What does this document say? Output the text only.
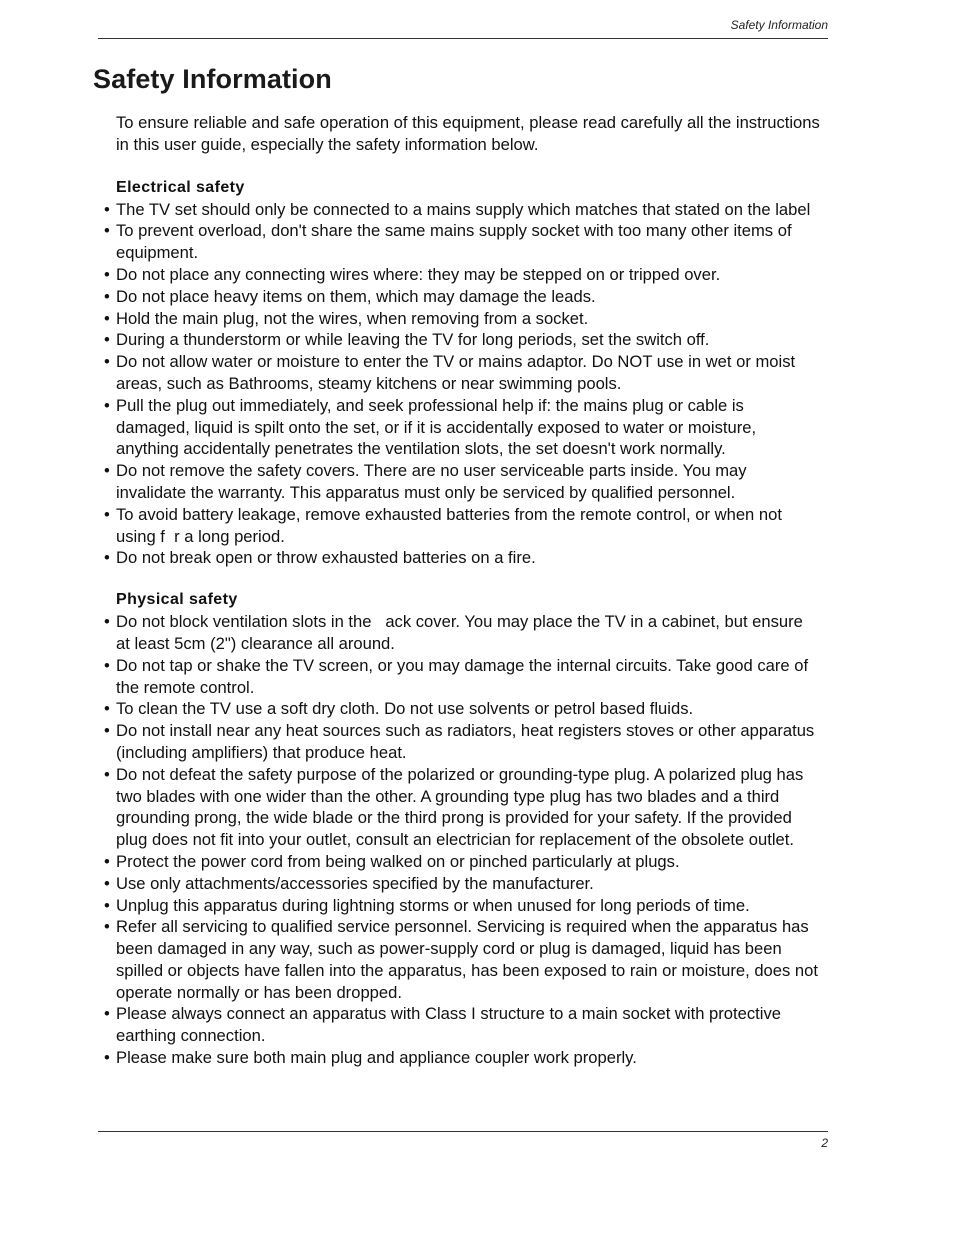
Safety Information
Safety Information

To ensure reliable and safe operation of this equipment, please read carefully all the instructions in this user guide, especially the safety information below.

Electrical safety
• The TV set should only be connected to a mains supply which matches that stated on the label
• To prevent overload, don't share the same mains supply socket with too many other items of equipment.
• Do not place any connecting wires where: they may be stepped on or tripped over.
• Do not place heavy items on them, which may damage the leads.
• Hold the main plug, not the wires, when removing from a socket.
• During a thunderstorm or while leaving the TV for long periods, set the switch off.
• Do not allow water or moisture to enter the TV or mains adaptor. Do NOT use in wet or moist areas, such as Bathrooms, steamy kitchens or near swimming pools.
• Pull the plug out immediately, and seek professional help if: the mains plug or cable is damaged, liquid is spilt onto the set, or if it is accidentally exposed to water or moisture, anything accidentally penetrates the ventilation slots, the set doesn't work normally.
• Do not remove the safety covers. There are no user serviceable parts inside. You may invalidate the warranty. This apparatus must only be serviced by qualified personnel.
• To avoid battery leakage, remove exhausted batteries from the remote control, or when not using f  r a long period.
• Do not break open or throw exhausted batteries on a fire.
Physical safety
• Do not block ventilation slots in the   ack cover. You may place the TV in a cabinet, but ensure at least 5cm (2") clearance all around.
• Do not tap or shake the TV screen, or you may damage the internal circuits. Take good care of the remote control.
• To clean the TV use a soft dry cloth. Do not use solvents or petrol based fluids.
• Do not install near any heat sources such as radiators, heat registers stoves or other apparatus (including amplifiers) that produce heat.
• Do not defeat the safety purpose of the polarized or grounding-type plug. A polarized plug has two blades with one wider than the other. A grounding type plug has two blades and a third grounding prong, the wide blade or the third prong is provided for your safety. If the provided plug does not fit into your outlet, consult an electrician for replacement of the obsolete outlet.
• Protect the power cord from being walked on or pinched particularly at plugs.
• Use only attachments/accessories specified by the manufacturer.
• Unplug this apparatus during lightning storms or when unused for long periods of time.
• Refer all servicing to qualified service personnel. Servicing is required when the apparatus has been damaged in any way, such as power-supply cord or plug is damaged, liquid has been spilled or objects have fallen into the apparatus, has been exposed to rain or moisture, does not operate normally or has been dropped.
• Please always connect an apparatus with Class I structure to a main socket with protective earthing connection.
• Please make sure both main plug and appliance coupler work properly.
2
